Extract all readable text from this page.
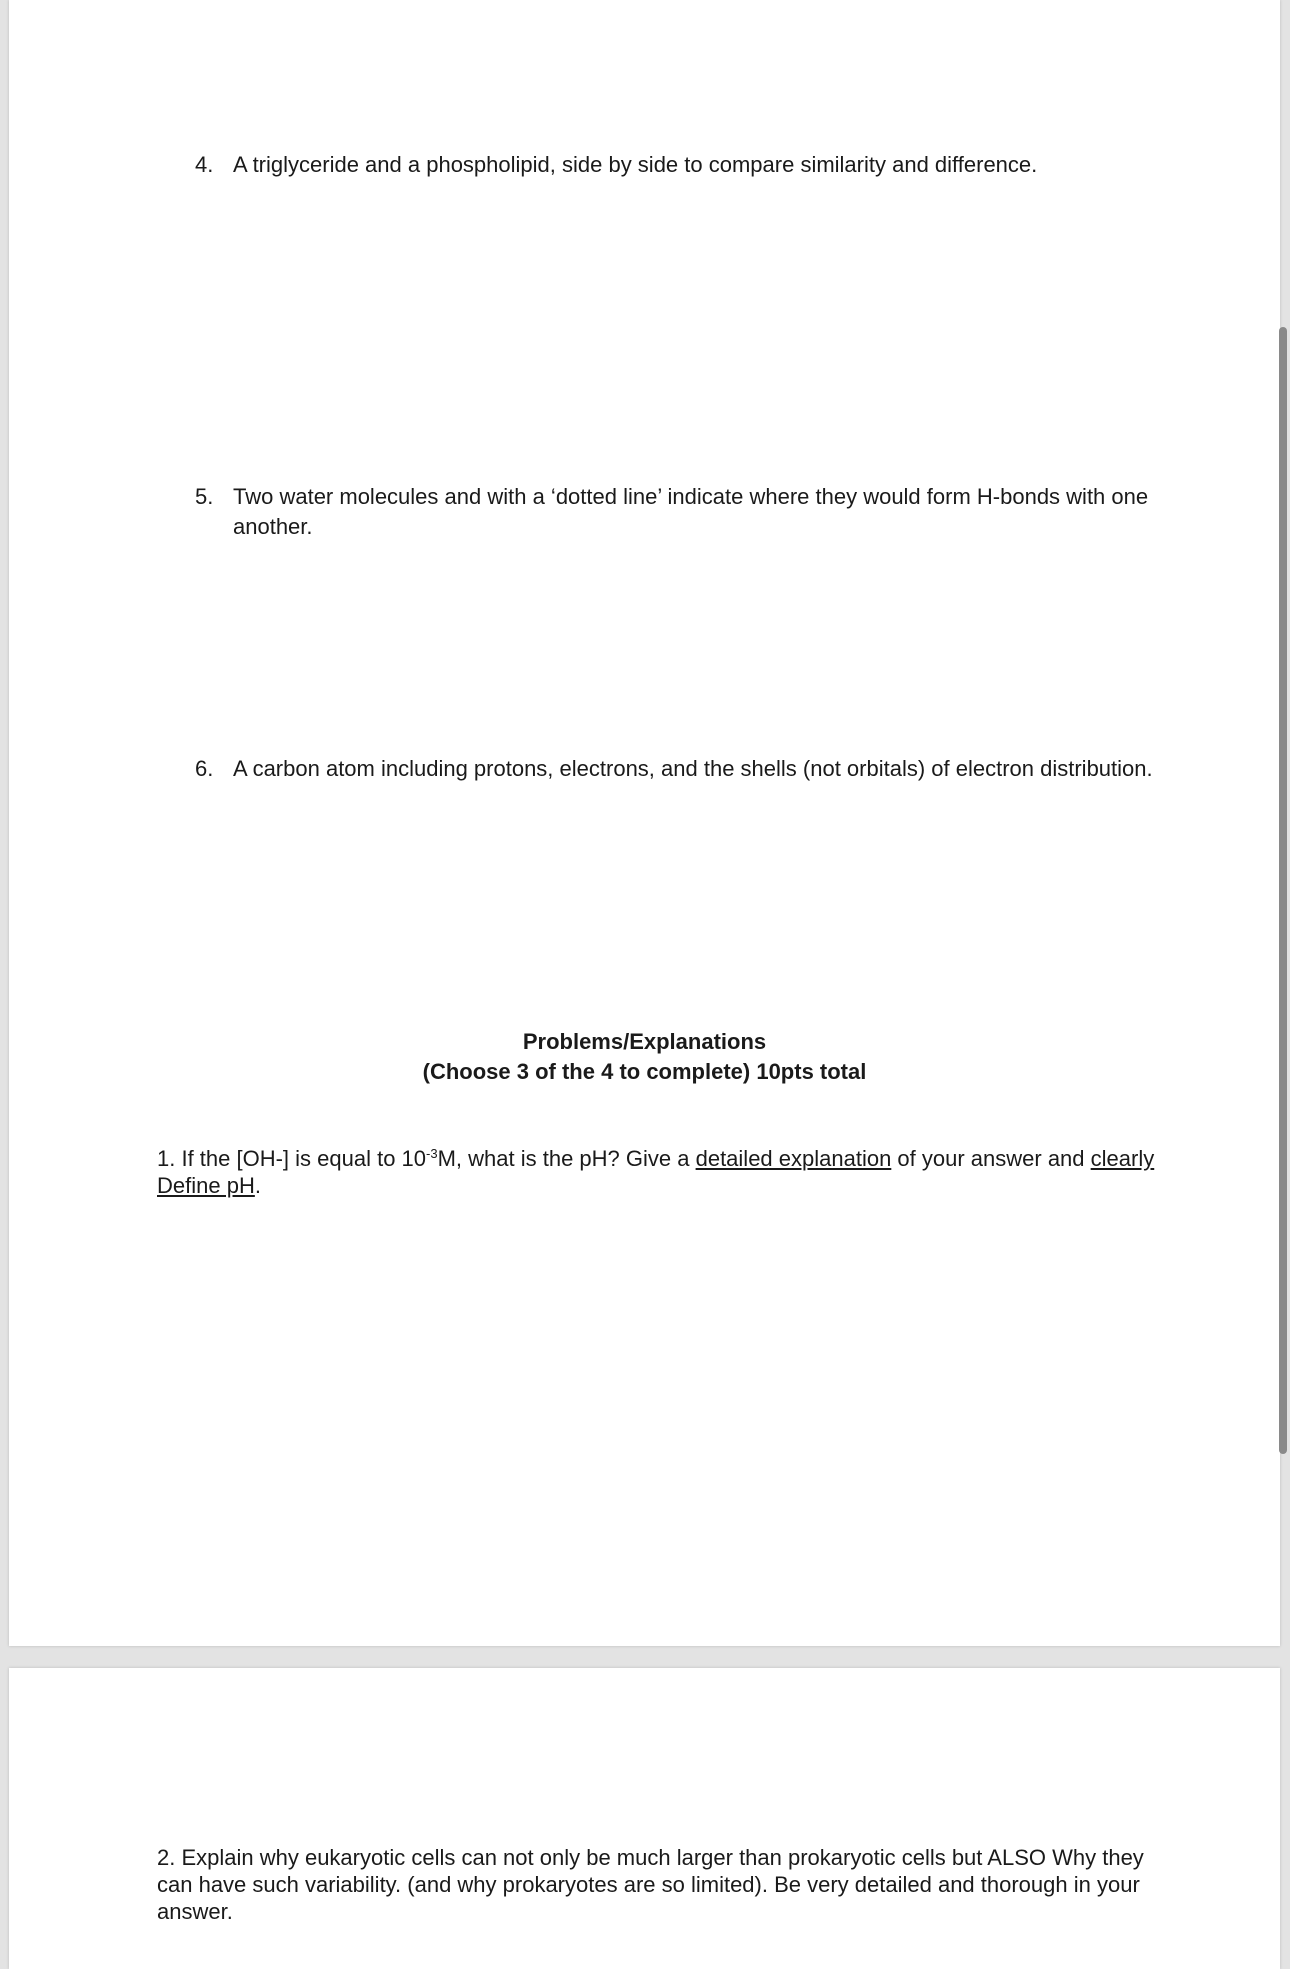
4. A triglyceride and a phospholipid, side by side to compare similarity and difference.
5. Two water molecules and with a ‘dotted line’ indicate where they would form H-bonds with one another.
6. A carbon atom including protons, electrons, and the shells (not orbitals) of electron distribution.
Problems/Explanations
(Choose 3 of the 4 to complete) 10pts total
1. If the [OH-] is equal to $10^{-3}M$, what is the pH? Give a detailed explanation of your answer and clearly Define pH.
2. Explain why eukaryotic cells can not only be much larger than prokaryotic cells but ALSO Why they can have such variability. (and why prokaryotes are so limited). Be very detailed and thorough in your answer.
